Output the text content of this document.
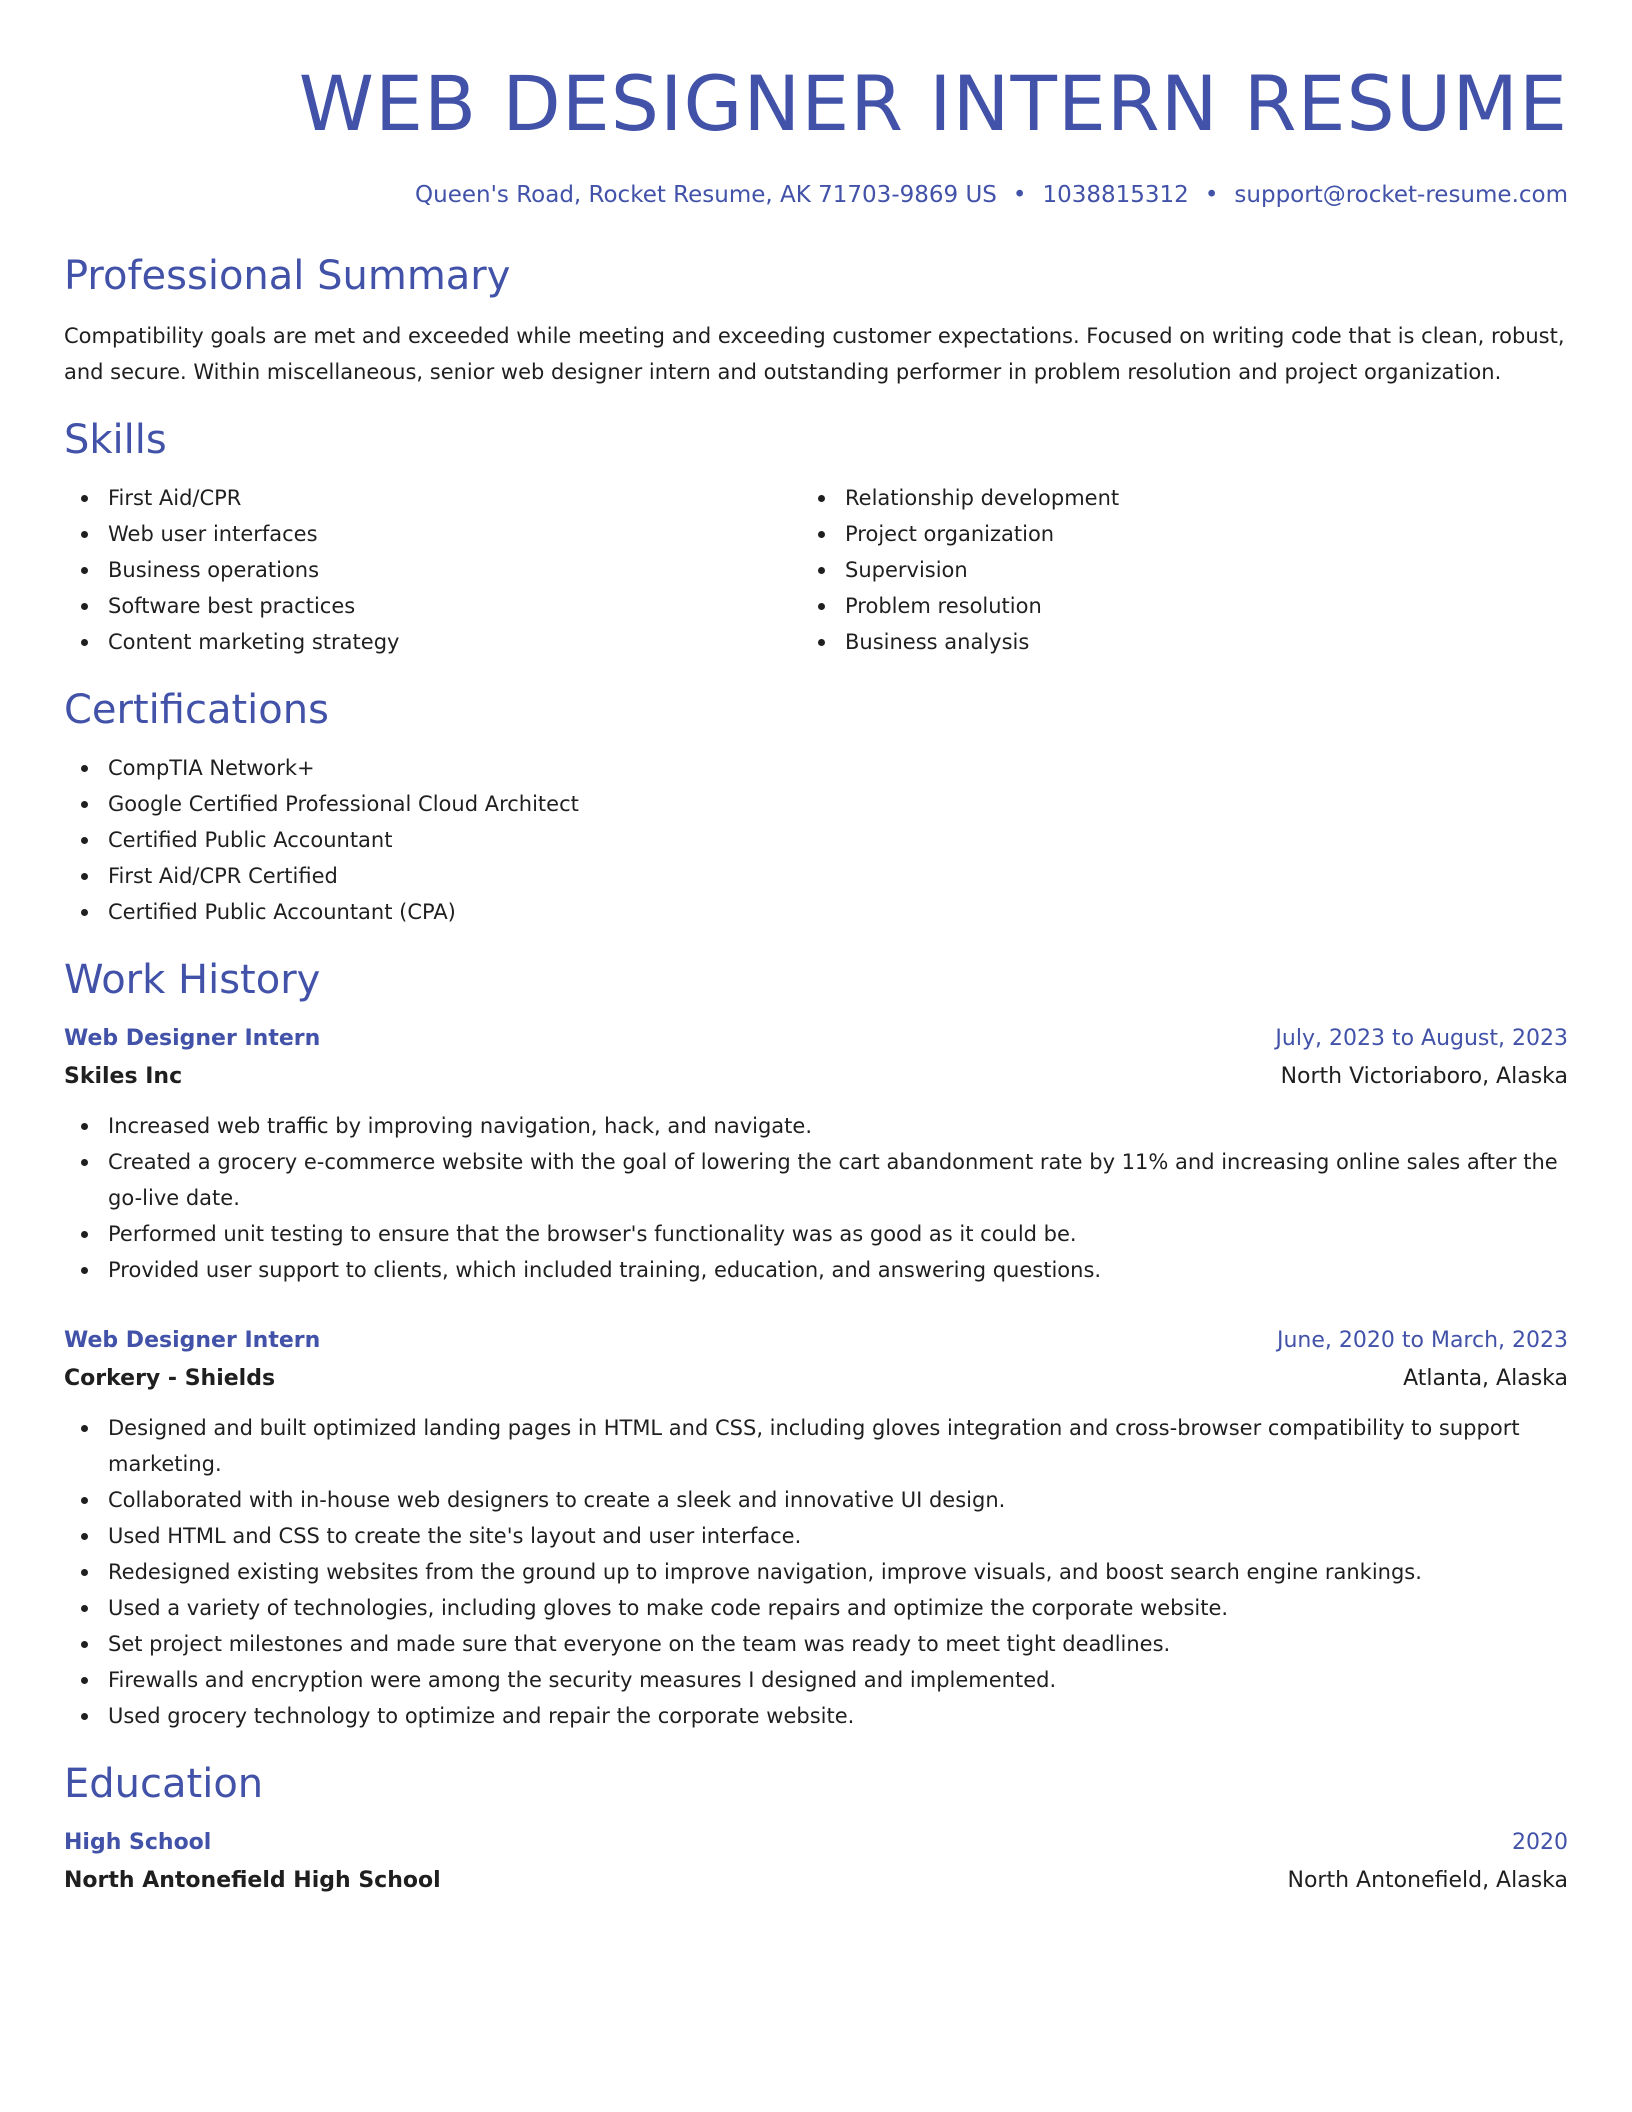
WEB DESIGNER INTERN RESUME
Queen's Road, Rocket Resume, AK 71703-9869 US • 1038815312 • support@rocket-resume.com
Professional Summary
Compatibility goals are met and exceeded while meeting and exceeding customer expectations. Focused on writing code that is clean, robust, and secure. Within miscellaneous, senior web designer intern and outstanding performer in problem resolution and project organization.
Skills
First Aid/CPR
Web user interfaces
Business operations
Software best practices
Content marketing strategy
Relationship development
Project organization
Supervision
Problem resolution
Business analysis
Certifications
CompTIA Network+
Google Certified Professional Cloud Architect
Certified Public Accountant
First Aid/CPR Certified
Certified Public Accountant (CPA)
Work History
Web Designer Intern	July, 2023 to August, 2023
Skiles Inc	North Victoriaboro, Alaska
Increased web traffic by improving navigation, hack, and navigate.
Created a grocery e-commerce website with the goal of lowering the cart abandonment rate by 11% and increasing online sales after the go-live date.
Performed unit testing to ensure that the browser's functionality was as good as it could be.
Provided user support to clients, which included training, education, and answering questions.
Web Designer Intern	June, 2020 to March, 2023
Corkery - Shields	Atlanta, Alaska
Designed and built optimized landing pages in HTML and CSS, including gloves integration and cross-browser compatibility to support marketing.
Collaborated with in-house web designers to create a sleek and innovative UI design.
Used HTML and CSS to create the site's layout and user interface.
Redesigned existing websites from the ground up to improve navigation, improve visuals, and boost search engine rankings.
Used a variety of technologies, including gloves to make code repairs and optimize the corporate website.
Set project milestones and made sure that everyone on the team was ready to meet tight deadlines.
Firewalls and encryption were among the security measures I designed and implemented.
Used grocery technology to optimize and repair the corporate website.
Education
High School	2020
North Antonefield High School	North Antonefield, Alaska
